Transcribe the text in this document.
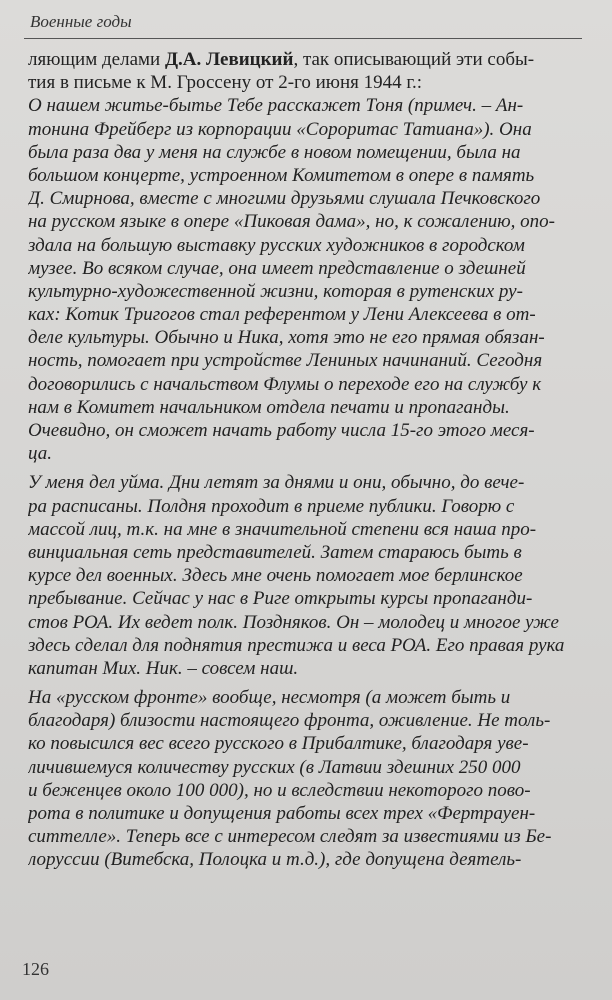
Военные годы
ляющим делами Д.А. Левицкий, так описывающий эти собы-
тия в письме к М. Гроссену от 2-го июня 1944 г.:
О нашем житье-бытье Тебе расскажет Тоня (примеч. – Ан-
тонина Фрейберг из корпорации «Сороритас Татиана»). Она
была раза два у меня на службе в новом помещении, была на
большом концерте, устроенном Комитетом в опере в память
Д. Смирнова, вместе с многими друзьями слушала Печковского
на русском языке в опере «Пиковая дама», но, к сожалению, опо-
здала на большую выставку русских художников в городском
музее. Во всяком случае, она имеет представление о здешней
культурно-художественной жизни, которая в рутенских ру-
ках: Котик Тригогов стал референтом у Лени Алексеева в от-
деле культуры. Обычно и Ника, хотя это не его прямая обязан-
ность, помогает при устройстве Лениных начинаний. Сегодня
договорились с начальством Флумы о переходе его на службу к
нам в Комитет начальником отдела печати и пропаганды.
Очевидно, он сможет начать работу числа 15-го этого меся-
ца.
У меня дел уйма. Дни летят за днями и они, обычно, до вече-
ра расписаны. Полдня проходит в приеме публики. Говорю с
массой лиц, т.к. на мне в значительной степени вся наша про-
винциальная сеть представителей. Затем стараюсь быть в
курсе дел военных. Здесь мне очень помогает мое берлинское
пребывание. Сейчас у нас в Риге открыты курсы пропаганди-
стов РОА. Их ведет полк. Поздняков. Он – молодец и многое уже
здесь сделал для поднятия престижа и веса РОА. Его правая рука
капитан Мих. Ник. – совсем наш.
На «русском фронте» вообще, несмотря (а может быть и
благодаря) близости настоящего фронта, оживление. Не толь-
ко повысился вес всего русского в Прибалтике, благодаря уве-
личившемуся количеству русских (в Латвии здешних 250 000
и беженцев около 100 000), но и вследствии некоторого пово-
рота в политике и допущения работы всех трех «Фертрауен-
ситтелле». Теперь все с интересом следят за известиями из Бе-
лоруссии (Витебска, Полоцка и т.д.), где допущена деятель-
126
